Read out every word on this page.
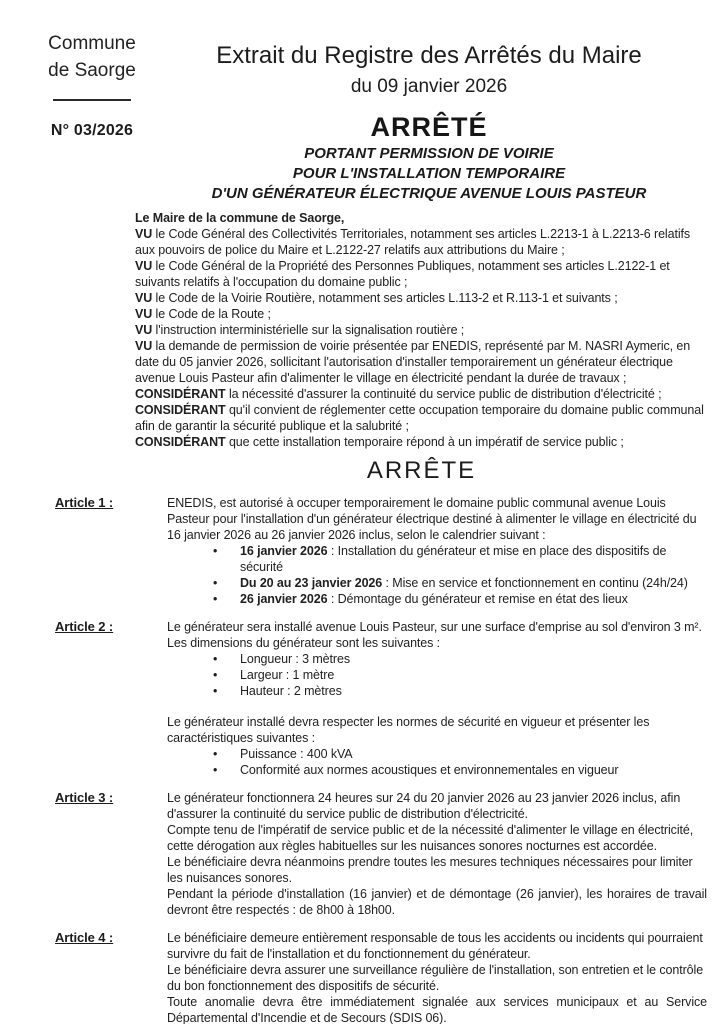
Commune
de Saorge
N° 03/2026
Extrait du Registre des Arrêtés du Maire
du 09 janvier 2026
ARRÊTÉ
PORTANT PERMISSION DE VOIRIE
POUR L'INSTALLATION TEMPORAIRE
D'UN GÉNÉRATEUR ÉLECTRIQUE AVENUE LOUIS PASTEUR
Le Maire de la commune de Saorge,
VU le Code Général des Collectivités Territoriales, notamment ses articles L.2213-1 à L.2213-6 relatifs aux pouvoirs de police du Maire et L.2122-27 relatifs aux attributions du Maire ;
VU le Code Général de la Propriété des Personnes Publiques, notamment ses articles L.2122-1 et suivants relatifs à l'occupation du domaine public ;
VU le Code de la Voirie Routière, notamment ses articles L.113-2 et R.113-1 et suivants ;
VU le Code de la Route ;
VU l'instruction interministérielle sur la signalisation routière ;
VU la demande de permission de voirie présentée par ENEDIS, représenté par M. NASRI Aymeric, en date du 05 janvier 2026, sollicitant l'autorisation d'installer temporairement un générateur électrique avenue Louis Pasteur afin d'alimenter le village en électricité pendant la durée de travaux ;
CONSIDÉRANT la nécessité d'assurer la continuité du service public de distribution d'électricité ;
CONSIDÉRANT qu'il convient de réglementer cette occupation temporaire du domaine public communal afin de garantir la sécurité publique et la salubrité ;
CONSIDÉRANT que cette installation temporaire répond à un impératif de service public ;
ARRÊTE
Article 1 :	ENEDIS, est autorisé à occuper temporairement le domaine public communal avenue Louis Pasteur pour l'installation d'un générateur électrique destiné à alimenter le village en électricité du 16 janvier 2026 au 26 janvier 2026 inclus, selon le calendrier suivant :

•	16 janvier 2026 : Installation du générateur et mise en place des dispositifs de sécurité
•	Du 20 au 23 janvier 2026 : Mise en service et fonctionnement en continu (24h/24)
•	26 janvier 2026 : Démontage du générateur et remise en état des lieux
Article 2 :	Le générateur sera installé avenue Louis Pasteur, sur une surface d'emprise au sol d'environ 3 m². Les dimensions du générateur sont les suivantes :

•	Longueur : 3 mètres
•	Largeur : 1 mètre
•	Hauteur : 2 mètres

Le générateur installé devra respecter les normes de sécurité en vigueur et présenter les caractéristiques suivantes :

•	Puissance : 400 kVA
•	Conformité aux normes acoustiques et environnementales en vigueur
Article 3 :	Le générateur fonctionnera 24 heures sur 24 du 20 janvier 2026 au 23 janvier 2026 inclus, afin d'assurer la continuité du service public de distribution d'électricité.

Compte tenu de l'impératif de service public et de la nécessité d'alimenter le village en électricité, cette dérogation aux règles habituelles sur les nuisances sonores nocturnes est accordée.

Le bénéficiaire devra néanmoins prendre toutes les mesures techniques nécessaires pour limiter les nuisances sonores.

Pendant la période d'installation (16 janvier) et de démontage (26 janvier), les horaires de travail devront être respectés : de 8h00 à 18h00.

Article 4 :	Le bénéficiaire demeure entièrement responsable de tous les accidents ou incidents qui pourraient survivre du fait de l'installation et du fonctionnement du générateur.

Le bénéficiaire devra assurer une surveillance régulière de l'installation, son entretien et le contrôle du bon fonctionnement des dispositifs de sécurité.

Toute anomalie devra être immédiatement signalée aux services municipaux et au Service Départemental d'Incendie et de Secours (SDIS 06).
